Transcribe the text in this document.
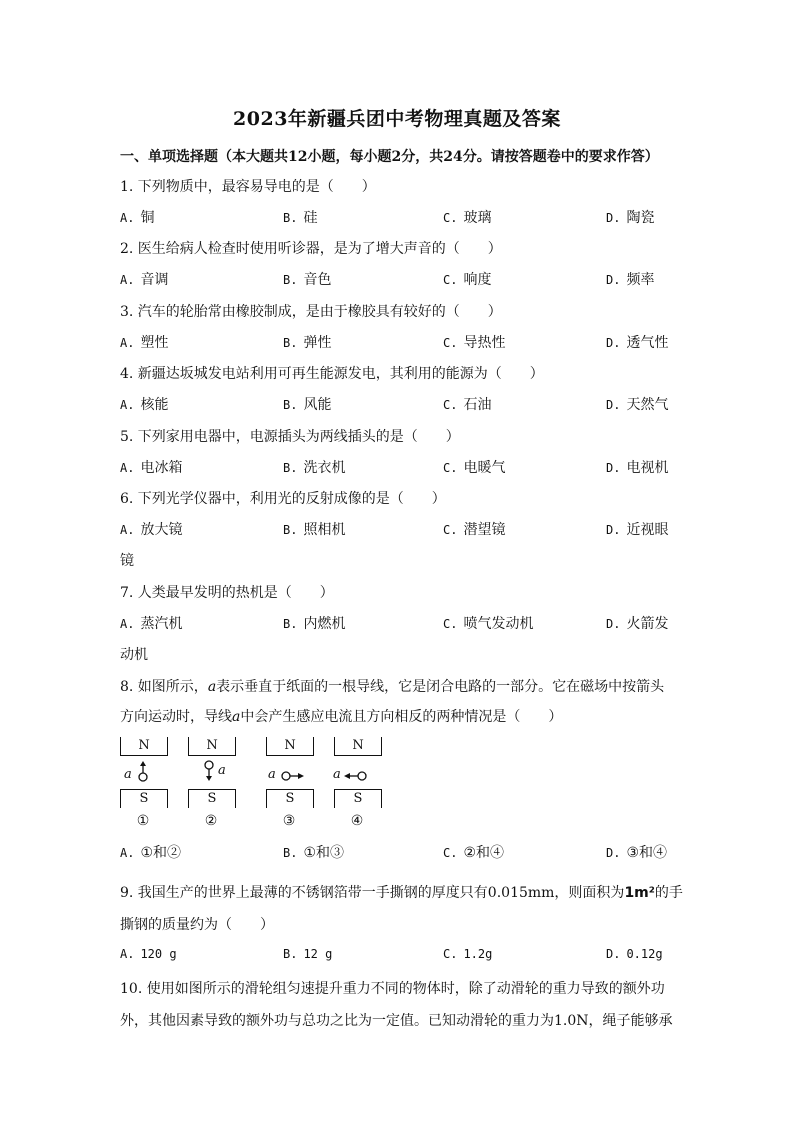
2023年新疆兵团中考物理真题及答案
一、单项选择题（本大题共12小题，每小题2分，共24分。请按答题卷中的要求作答）
1. 下列物质中，最容易导电的是（　　）
A. 铜	B. 硅	C. 玻璃	D. 陶瓷
2. 医生给病人检查时使用听诊器，是为了增大声音的（　　）
A. 音调	B. 音色	C. 响度	D. 频率
3. 汽车的轮胎常由橡胶制成，是由于橡胶具有较好的（　　）
A. 塑性	B. 弹性	C. 导热性	D. 透气性
4. 新疆达坂城发电站利用可再生能源发电，其利用的能源为（　　）
A. 核能	B. 风能	C. 石油	D. 天然气
5. 下列家用电器中，电源插头为两线插头的是（　　）
A. 电冰箱	B. 洗衣机	C. 电暖气	D. 电视机
6. 下列光学仪器中，利用光的反射成像的是（　　）
A. 放大镜	B. 照相机	C. 潜望镜	D. 近视眼
镜
7. 人类最早发明的热机是（　　）
A. 蒸汽机	B. 内燃机	C. 喷气发动机	D. 火箭发
动机
8. 如图所示，a表示垂直于纸面的一根导线，它是闭合电路的一部分。它在磁场中按箭头
方向运动时，导线a中会产生感应电流且方向相反的两种情况是（　　）
N
S
a
①
N
S
a
②
N
S
a
③
N
S
a
④
A. ①和②	B. ①和③	C. ②和④	D. ③和④
9. 我国生产的世界上最薄的不锈钢箔带一手撕钢的厚度只有0.015mm，则面积为1m²的手
撕钢的质量约为（　　）
A. 120 g	B. 12 g	C. 1.2g	D. 0.12g
10. 使用如图所示的滑轮组匀速提升重力不同的物体时，除了动滑轮的重力导致的额外功
外，其他因素导致的额外功与总功之比为一定值。已知动滑轮的重力为1.0N，绳子能够承
